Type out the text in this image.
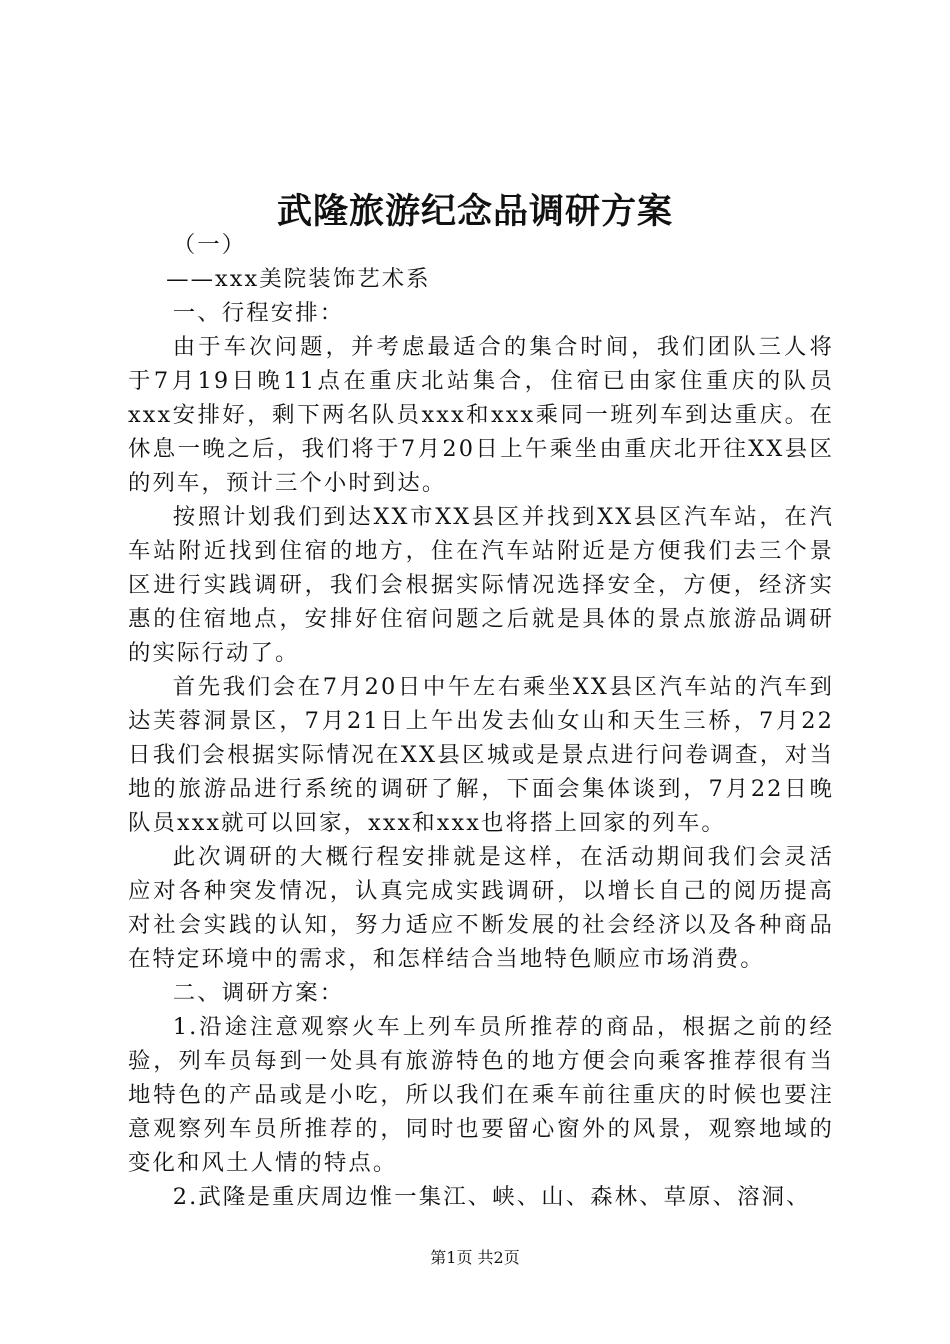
武隆旅游纪念品调研方案

（一）

——xxx美院装饰艺术系

一、行程安排：

由于车次问题，并考虑最适合的集合时间，我们团队三人将于7月19日晚11点在重庆北站集合，住宿已由家住重庆的队员xxx安排好，剩下两名队员xxx和xxx乘同一班列车到达重庆。在休息一晚之后，我们将于7月20日上午乘坐由重庆北开往XX县区的列车，预计三个小时到达。

按照计划我们到达XX市XX县区并找到XX县区汽车站，在汽车站附近找到住宿的地方，住在汽车站附近是方便我们去三个景区进行实践调研，我们会根据实际情况选择安全，方便，经济实惠的住宿地点，安排好住宿问题之后就是具体的景点旅游品调研的实际行动了。

首先我们会在7月20日中午左右乘坐XX县区汽车站的汽车到达芙蓉洞景区，7月21日上午出发去仙女山和天生三桥，7月22日我们会根据实际情况在XX县区城或是景点进行问卷调查，对当地的旅游品进行系统的调研了解，下面会集体谈到，7月22日晚队员xxx就可以回家，xxx和xxx也将搭上回家的列车。

此次调研的大概行程安排就是这样，在活动期间我们会灵活应对各种突发情况，认真完成实践调研，以增长自己的阅历提高对社会实践的认知，努力适应不断发展的社会经济以及各种商品在特定环境中的需求，和怎样结合当地特色顺应市场消费。

二、调研方案：

1.沿途注意观察火车上列车员所推荐的商品，根据之前的经验，列车员每到一处具有旅游特色的地方便会向乘客推荐很有当地特色的产品或是小吃，所以我们在乘车前往重庆的时候也要注意观察列车员所推荐的，同时也要留心窗外的风景，观察地域的变化和风土人情的特点。

2.武隆是重庆周边惟一集江、峡、山、森林、草原、溶洞、

第1页 共2页
